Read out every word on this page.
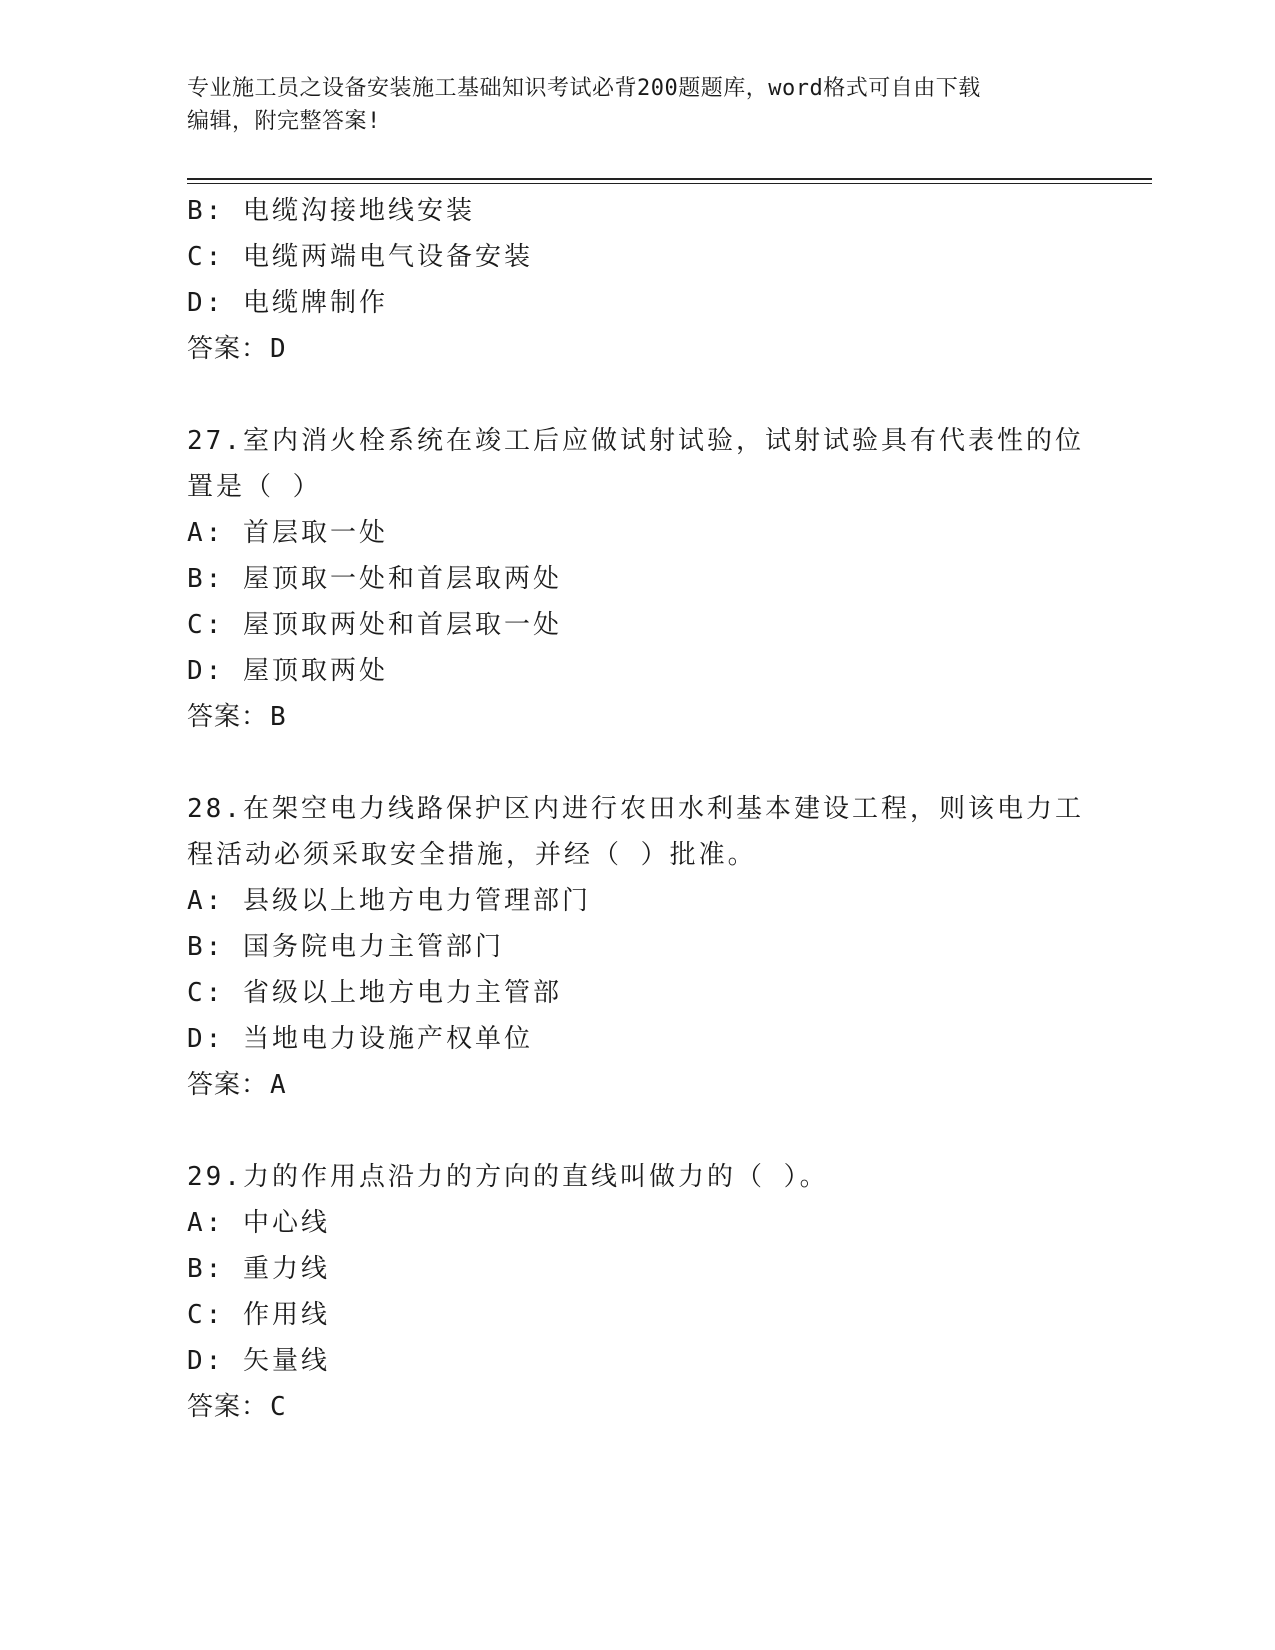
专业施工员之设备安装施工基础知识考试必背200题题库，word格式可自由下载
编辑，附完整答案!
B: 电缆沟接地线安装
C: 电缆两端电气设备安装
D: 电缆牌制作
答案：D
27.室内消火栓系统在竣工后应做试射试验，试射试验具有代表性的位
置是（ ）
A: 首层取一处
B: 屋顶取一处和首层取两处
C: 屋顶取两处和首层取一处
D: 屋顶取两处
答案：B
28.在架空电力线路保护区内进行农田水利基本建设工程，则该电力工
程活动必须采取安全措施，并经（ ）批准。
A: 县级以上地方电力管理部门
B: 国务院电力主管部门
C: 省级以上地方电力主管部
D: 当地电力设施产权单位
答案：A
29.力的作用点沿力的方向的直线叫做力的（ ）。
A: 中心线
B: 重力线
C: 作用线
D: 矢量线
答案：C
